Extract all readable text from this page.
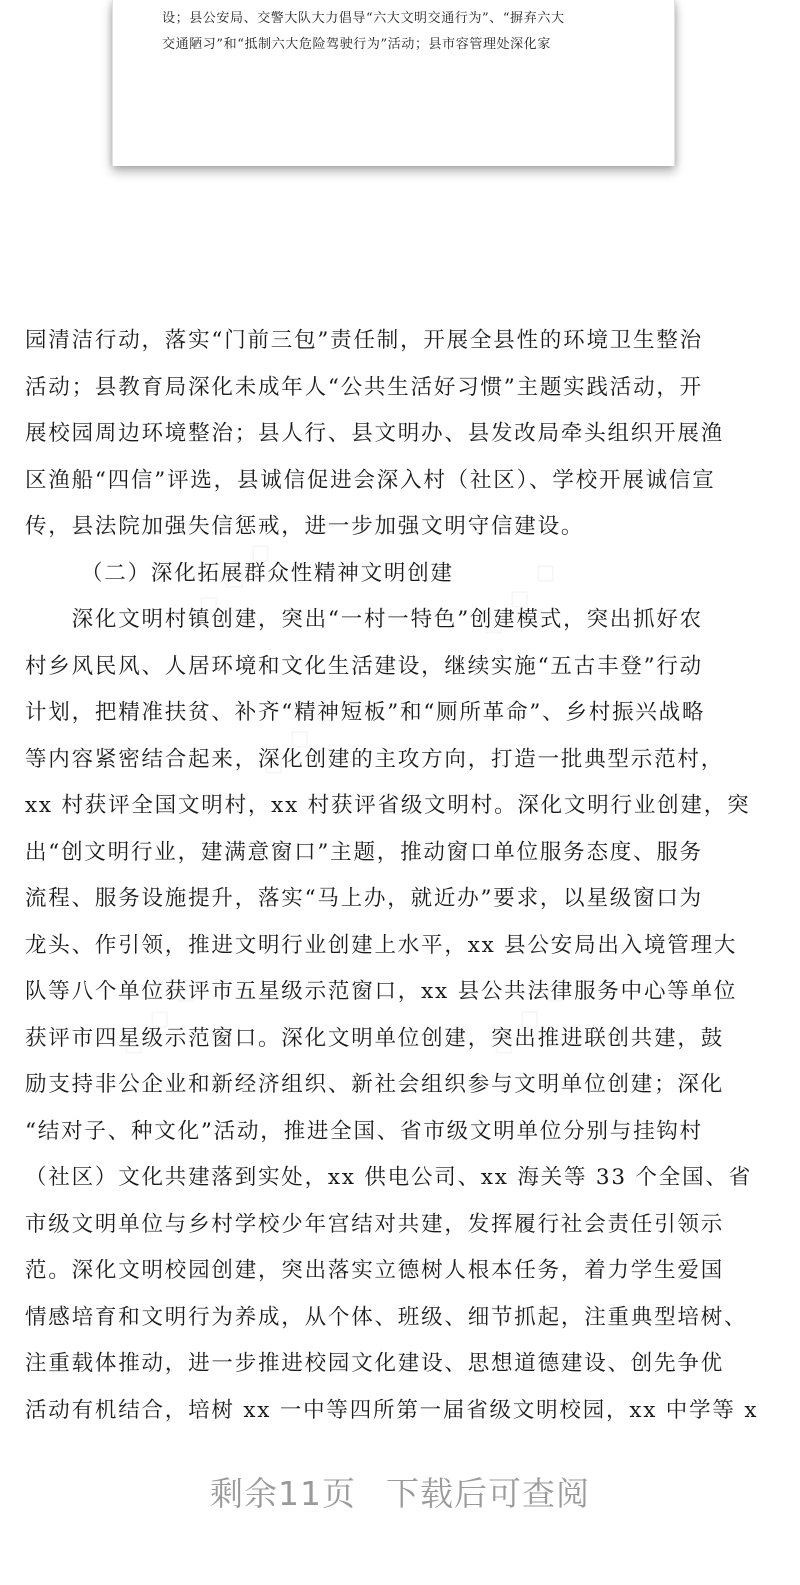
设；县公安局、交警大队大力倡导“六大文明交通行为”、“摒弃六大

交通陋习”和“抵制六大危险驾驶行为”活动；县市容管理处深化家

园清洁行动，落实“门前三包”责任制，开展全县性的环境卫生整治

活动；县教育局深化未成年人“公共生活好习惯”主题实践活动，开

展校园周边环境整治；县人行、县文明办、县发改局牵头组织开展渔

区渔船“四信”评选，县诚信促进会深入村（社区）、学校开展诚信宣

传，县法院加强失信惩戒，进一步加强文明守信建设。

（二）深化拓展群众性精神文明创建

　　深化文明村镇创建，突出“一村一特色”创建模式，突出抓好农

村乡风民风、人居环境和文化生活建设，继续实施“五古丰登”行动

计划，把精准扶贫、补齐“精神短板”和“厕所革命”、乡村振兴战略

等内容紧密结合起来，深化创建的主攻方向，打造一批典型示范村，

xx 村获评全国文明村，xx 村获评省级文明村。深化文明行业创建，突

出“创文明行业，建满意窗口”主题，推动窗口单位服务态度、服务

流程、服务设施提升，落实“马上办，就近办”要求，以星级窗口为

龙头、作引领，推进文明行业创建上水平，xx 县公安局出入境管理大

队等八个单位获评市五星级示范窗口，xx 县公共法律服务中心等单位

获评市四星级示范窗口。深化文明单位创建，突出推进联创共建，鼓

励支持非公企业和新经济组织、新社会组织参与文明单位创建；深化

“结对子、种文化”活动，推进全国、省市级文明单位分别与挂钩村

（社区）文化共建落到实处，xx 供电公司、xx 海关等 33 个全国、省

市级文明单位与乡村学校少年宫结对共建，发挥履行社会责任引领示

范。深化文明校园创建，突出落实立德树人根本任务，着力学生爱国

情感培育和文明行为养成，从个体、班级、细节抓起，注重典型培树、

注重载体推动，进一步推进校园文化建设、思想道德建设、创先争优

活动有机结合，培树 xx 一中等四所第一届省级文明校园，xx 中学等 x

◇ ◇ ◇	◇ ◇ ◇
◇ ◇ ◇
◇ ◇ ◇	◇ ◇ ◇
剩余11页 下载后可查阅
